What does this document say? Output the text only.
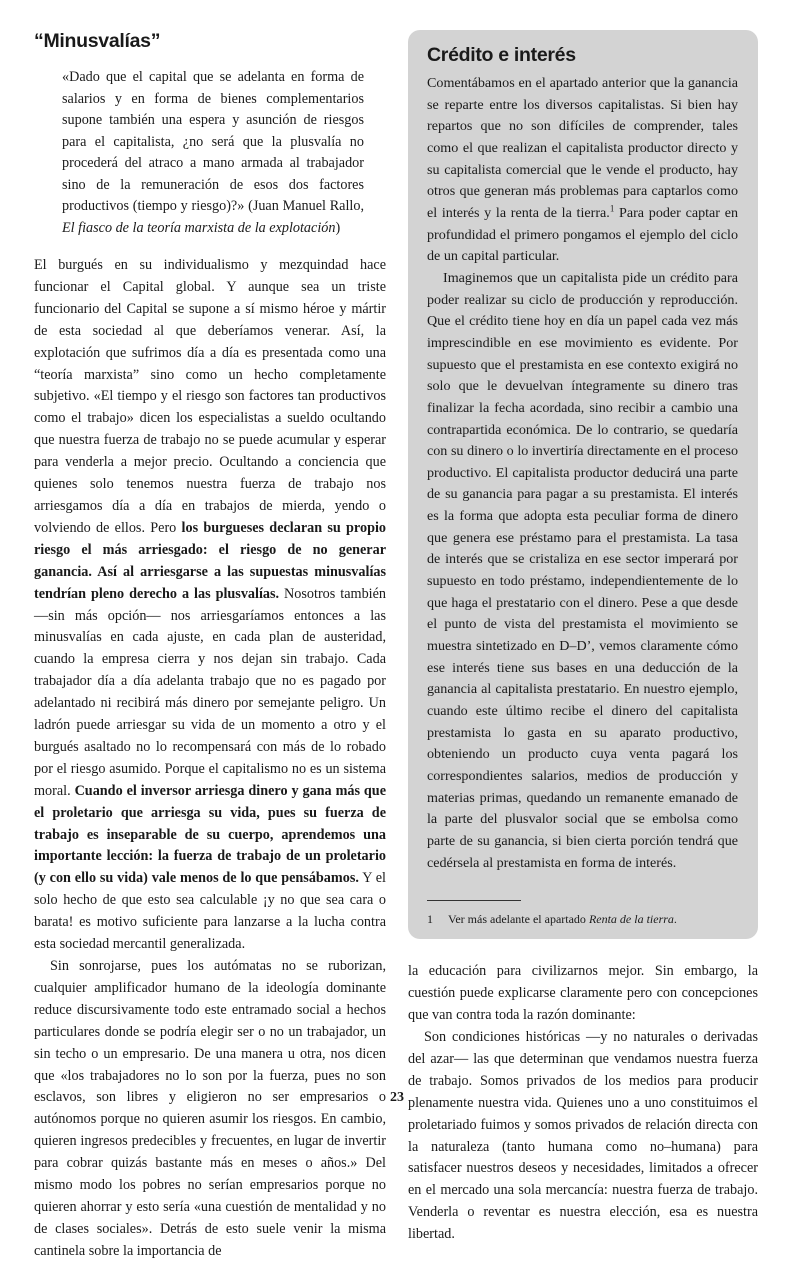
“Minusvalías”
«Dado que el capital que se adelanta en forma de salarios y en forma de bienes complementarios supone también una espera y asunción de riesgos para el capitalista, ¿no será que la plusvalía no procederá del atraco a mano armada al trabajador sino de la remuneración de esos dos factores productivos (tiempo y riesgo)?» (Juan Manuel Rallo, El fiasco de la teoría marxista de la explotación)

El burgués en su individualismo y mezquindad hace funcionar el Capital global. Y aunque sea un triste funcionario del Capital se supone a sí mismo héroe y mártir de esta sociedad al que deberíamos venerar. Así, la explotación que sufrimos día a día es presentada como una “teoría marxista” sino como un hecho completamente subjetivo. «El tiempo y el riesgo son factores tan productivos como el trabajo» dicen los especialistas a sueldo ocultando que nuestra fuerza de trabajo no se puede acumular y esperar para venderla a mejor precio. Ocultando a conciencia que quienes solo tenemos nuestra fuerza de trabajo nos arriesgamos día a día en trabajos de mierda, yendo o volviendo de ellos. Pero los burgueses declaran su propio riesgo el más arriesgado: el riesgo de no generar ganancia. Así al arriesgarse a las supuestas minusvalías tendrían pleno derecho a las plusvalías. Nosotros también —sin más opción— nos arriesgaríamos entonces a las minusvalías en cada ajuste, en cada plan de austeridad, cuando la empresa cierra y nos dejan sin trabajo. Cada trabajador día a día adelanta trabajo que no es pagado por adelantado ni recibirá más dinero por semejante peligro. Un ladrón puede arriesgar su vida de un momento a otro y el burgués asaltado no lo recompensará con más de lo robado por el riesgo asumido. Porque el capitalismo no es un sistema moral. Cuando el inversor arriesga dinero y gana más que el proletario que arriesga su vida, pues su fuerza de trabajo es inseparable de su cuerpo, aprendemos una importante lección: la fuerza de trabajo de un proletario (y con ello su vida) vale menos de lo que pensábamos. Y el solo hecho de que esto sea calculable ¡y no que sea cara o barata! es motivo suficiente para lanzarse a la lucha contra esta sociedad mercantil generalizada.

Sin sonrojarse, pues los autómatas no se ruborizan, cualquier amplificador humano de la ideología dominante reduce discursivamente todo este entramado social a hechos particulares donde se podría elegir ser o no un trabajador, un sin techo o un empresario. De una manera u otra, nos dicen que «los trabajadores no lo son por la fuerza, pues no son esclavos, son libres y eligieron no ser empresarios o autónomos porque no quieren asumir los riesgos. En cambio, quieren ingresos predecibles y frecuentes, en lugar de invertir para cobrar quizás bastante más en meses o años.» Del mismo modo los pobres no serían empresarios porque no quieren ahorrar y esto sería «una cuestión de mentalidad y no de clases sociales». Detrás de esto suele venir la misma cantinela sobre la importancia de

Crédito e interés

Comentábamos en el apartado anterior que la ganancia se reparte entre los diversos capitalistas. Si bien hay repartos que no son difíciles de comprender, tales como el que realizan el capitalista productor directo y su capitalista comercial que le vende el producto, hay otros que generan más problemas para captarlos como el interés y la renta de la tierra.$^1$ Para poder captar en profundidad el primero pongamos el ejemplo del ciclo de un capital particular.

Imaginemos que un capitalista pide un crédito para poder realizar su ciclo de producción y reproducción. Que el crédito tiene hoy en día un papel cada vez más imprescindible en ese movimiento es evidente. Por supuesto que el prestamista en ese contexto exigirá no solo que le devuelvan íntegramente su dinero tras finalizar la fecha acordada, sino recibir a cambio una contrapartida económica. De lo contrario, se quedaría con su dinero o lo invertiría directamente en el proceso productivo. El capitalista productor deducirá una parte de su ganancia para pagar a su prestamista. El interés es la forma que adopta esta peculiar forma de dinero que genera ese préstamo para el prestamista. La tasa de interés que se cristaliza en ese sector imperará por supuesto en todo préstamo, independientemente de lo que haga el prestatario con el dinero. Pese a que desde el punto de vista del prestamista el movimiento se muestra sintetizado en D–D’, vemos claramente cómo ese interés tiene sus bases en una deducción de la ganancia al capitalista prestatario. En nuestro ejemplo, cuando este último recibe el dinero del capitalista prestamista lo gasta en su aparato productivo, obteniendo un producto cuya venta pagará los correspondientes salarios, medios de producción y materias primas, quedando un remanente emanado de la parte del plusvalor social que se embolsa como parte de su ganancia, si bien cierta porción tendrá que cedérsela al prestamista en forma de interés.

1 Ver más adelante el apartado Renta de la tierra.

la educación para civilizarnos mejor. Sin embargo, la cuestión puede explicarse claramente pero con concepciones que van contra toda la razón dominante:

Son condiciones históricas —y no naturales o derivadas del azar— las que determinan que vendamos nuestra fuerza de trabajo. Somos privados de los medios para producir plenamente nuestra vida. Quienes uno a uno constituimos el proletariado fuimos y somos privados de relación directa con la naturaleza (tanto humana como no–humana) para satisfacer nuestros deseos y necesidades, limitados a ofrecer en el mercado una sola mercancía: nuestra fuerza de trabajo. Venderla o reventar es nuestra elección, esa es nuestra libertad.

23
